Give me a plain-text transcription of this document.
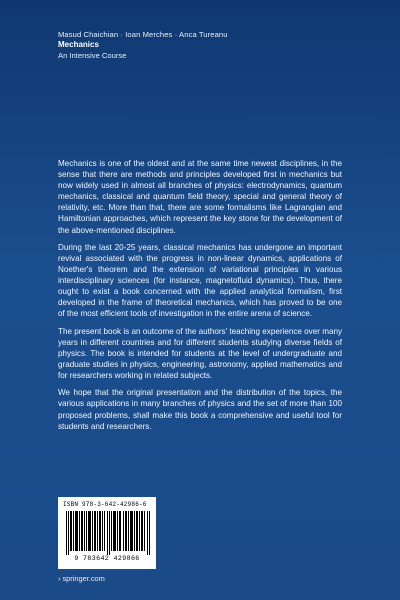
Masud Chaichian · Ioan Merches · Anca Tureanu
Mechanics
An Intensive Course

Mechanics is one of the oldest and at the same time newest disciplines, in the sense that there are methods and principles developed first in mechanics but now widely used in almost all branches of physics: electrodynamics, quantum mechanics, classical and quantum field theory, special and general theory of relativity, etc. More than that, there are some formalisms like Lagrangian and Hamiltonian approaches, which represent the key stone for the development of the above-mentioned disciplines.

During the last 20-25 years, classical mechanics has undergone an important revival associated with the progress in non-linear dynamics, applications of Noether's theorem and the extension of variational principles in various interdisciplinary sciences (for instance, magnetofluid dynamics). Thus, there ought to exist a book concerned with the applied analytical formalism, first developed in the frame of theoretical mechanics, which has proved to be one of the most efficient tools of investigation in the entire arena of science.

The present book is an outcome of the authors' teaching experience over many years in different countries and for different students studying diverse fields of physics. The book is intended for students at the level of undergraduate and graduate studies in physics, engineering, astronomy, applied mathematics and for researchers working in related subjects.

We hope that the original presentation and the distribution of the topics, the various applications in many branches of physics and the set of more than 100 proposed problems, shall make this book a comprehensive and useful tool for students and researchers.

ISBN 978-3-642-42986-6
9 783642 429866
› springer.com
